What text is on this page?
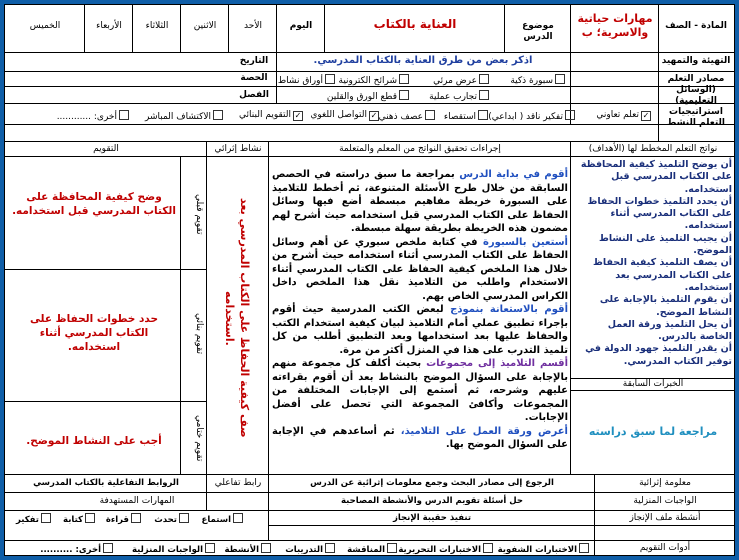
المادة - الصف
مهارات حياتية والاسرية؛ ب
موضوع الدرس
العناية بالكتاب
اليوم
الأحد
الاثنين
الثلاثاء
الأربعاء
الخميس
التهيئة والتمهيد
اذكر بعض من طرق العناية بالكتاب المدرسي.
التاريخ
الحصة
الفصل
مصادر التعلم (الوسائل التعليمية)
سبورة ذكية
عرض مرئي
شرائح الكترونية
أوراق نشاط
تجارب عملية
قطع الورق والقلين
استراتيجيات التعلم النشط
✓تعلم تعاوني
تفكير ناقد ( ابداعي)
استقصاء
عصف ذهني
✓التواصل اللغوي
✓التقويم البنائي
الاكتشاف المباشر
أخرى: ............
نواتج التعلم المخطط لها (الأهداف)
إجراءات تحقيق النواتج من المعلم والمتعلمة
نشاط إثرائي
التقويم
أن يوضح التلميذ كيفية المحافظة على الكتاب المدرسي قبل استخدامه.
أن يحدد التلميذ خطوات الحفاظ على الكتاب المدرسي أثناء استخدامه.
أن يجيب التلميذ على النشاط الموضح.
أن يصف التلميذ كيفية الحفاظ على الكتاب المدرسي بعد استخدامه.
أن يقوم التلميذ بالإجابة على النشاط الموضح.
أن يحل التلميذ ورقة العمل الخاصة بالدرس.
أن يقدر التلميذ جهود الدولة في توفير الكتاب المدرسي.
الخبرات السابقة
مراجعة لما سبق دراسته
أقوم في بداية الدرس بمراجعة ما سبق دراسته في الحصص السابقة من خلال طرح الأسئلة المتنوعة، ثم أخطط للتلاميذ على السبورة خريطة مفاهيم مبسطة أضع فيها وسائل الحفاظ على الكتاب المدرسي قبل استخدامه حيث أشرح لهم مضمون هذه الخريطة بطريقة سهلة مبسطة.
أستعين بالسبورة في كتابة ملخص سبوري عن أهم وسائل الحفاظ على الكتاب المدرسي أثناء استخدامه حيث أشرح من خلال هذا الملخص كيفية الحفاظ على الكتاب المدرسي أثناء الاستخدام واطلب من التلاميذ نقل هذا الملخص داخل الكراس المدرسي الخاص بهم.
أقوم بالاستعانة بنموذج لبعض الكتب المدرسية حيث أقوم بإجراء تطبيق عملي أمام التلاميذ لبيان كيفية استخدام الكتب والحفاظ عليها بعد استخدامها وبعد التطبيق أطلب من كل تلميذ التدرب على هذا في المنزل أكثر من مرة.
أقسم التلاميذ إلى مجموعات بحيث أكلف كل مجموعة منهم بالإجابة على السؤال الموضح بالنشاط بعد أن أقوم بقراءته عليهم وشرحه، ثم أستمع إلى الإجابات المختلفة من المجموعات وأكافئ المجموعة التي تحصل على أفضل الإجابات.
أعرض ورقة العمل على التلاميذ، ثم أساعدهم في الإجابة على السؤال الموضح بها.
صف كيفية الحفاظ على الكتاب المدرسي بعد استخدامه.
تقويم قبلي
تقويم بنائي
تقويم ختامي
وضح كيفية المحافظة على الكتاب المدرسي قبل استخدامه.
حدد خطوات الحفاظ على الكتاب المدرسي أثناء استخدامه.
أجب على النشاط الموضح.
معلومة إثرائية
الرجوع إلى مصادر البحث وجمع معلومات إثرائية عن الدرس
الواجبات المنزلية
حل أسئلة تقويم الدرس والأنشطة المصاحبة
أنشطة ملف الإنجاز
تنفيذ حقيبة الإنجاز
أدوات التقويم
رابط تفاعلي
الروابط التفاعلية بالكتاب المدرسي
المهارات المستهدفة
استماع
تحدث
قراءة
كتابة
تفكير
الاختبارات الشفوية
الاختبارات التحريرية
المناقشة
التدريبات
الأنشطة
الواجبات المنزلية
أخرى: ..........
